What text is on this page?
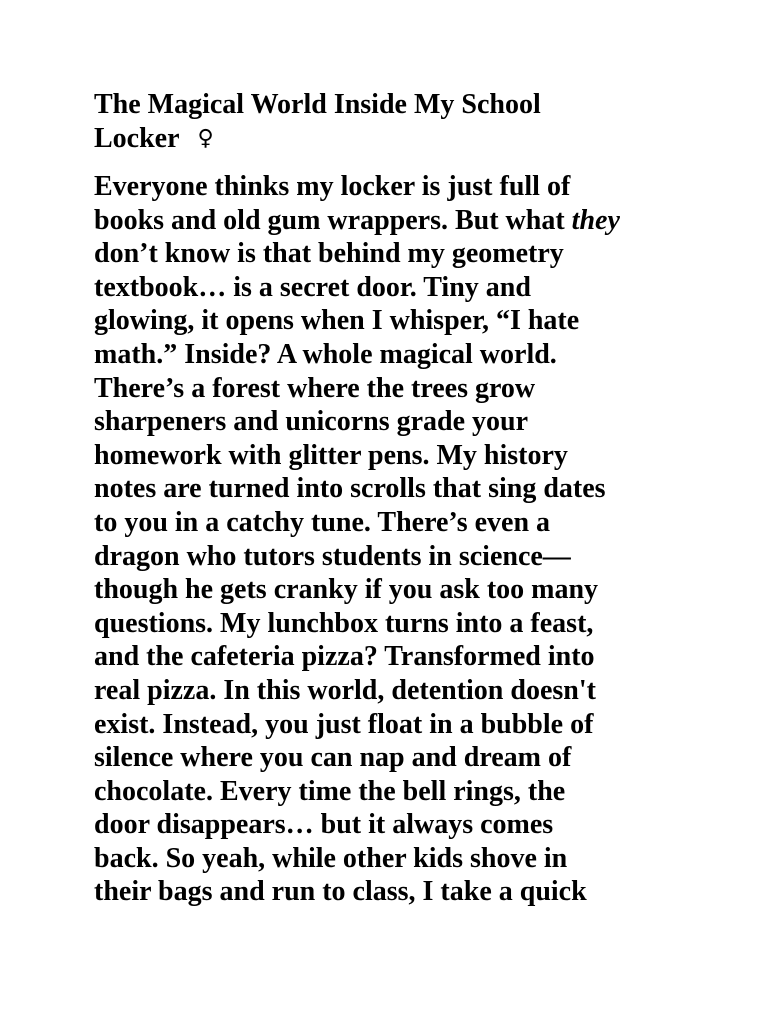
The Magical World Inside My School
Locker ♀

Everyone thinks my locker is just full of
books and old gum wrappers. But what they
don’t know is that behind my geometry
textbook… is a secret door. Tiny and
glowing, it opens when I whisper, “I hate
math.” Inside? A whole magical world.
There’s a forest where the trees grow
sharpeners and unicorns grade your
homework with glitter pens. My history
notes are turned into scrolls that sing dates
to you in a catchy tune. There’s even a
dragon who tutors students in science—
though he gets cranky if you ask too many
questions. My lunchbox turns into a feast,
and the cafeteria pizza? Transformed into
real pizza. In this world, detention doesn't
exist. Instead, you just float in a bubble of
silence where you can nap and dream of
chocolate. Every time the bell rings, the
door disappears… but it always comes
back. So yeah, while other kids shove in
their bags and run to class, I take a quick
